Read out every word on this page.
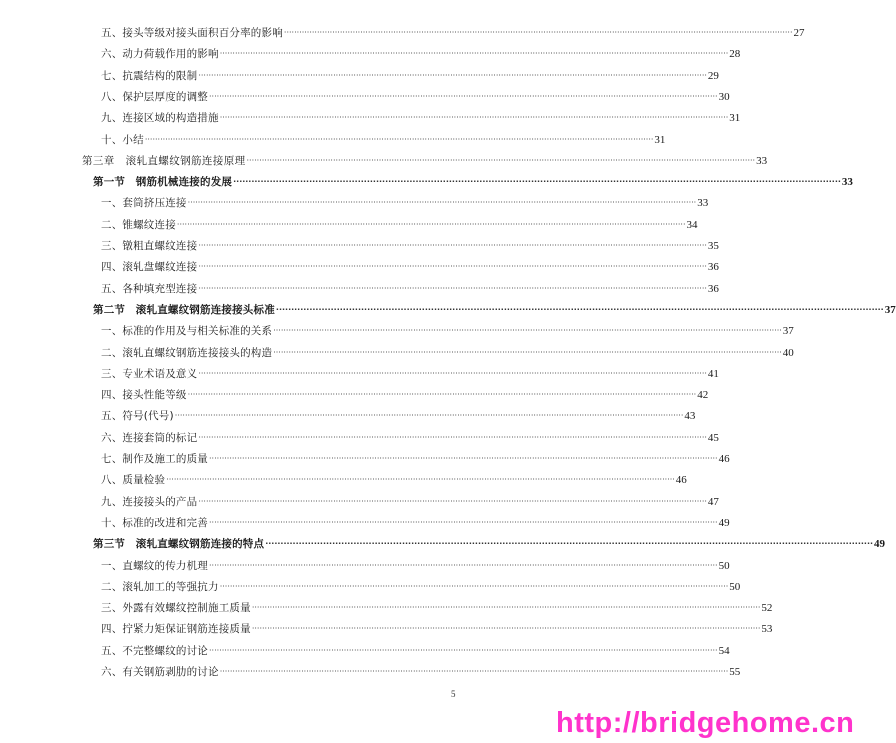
五、接头等级对接头面积百分率的影响 ········································································································································································································ 27
六、动力荷载作用的影响 ········································································································································································································ 28
七、抗震结构的限制 ········································································································································································································ 29
八、保护层厚度的调整 ········································································································································································································ 30
九、连接区域的构造措施 ········································································································································································································ 31
十、小结 ········································································································································································································ 31
第三章　滚轧直螺纹钢筋连接原理 ········································································································································································································ 33
第一节　钢筋机械连接的发展 ········································································································································································································ 33
一、套筒挤压连接 ········································································································································································································ 33
二、锥螺纹连接 ········································································································································································································ 34
三、镦粗直螺纹连接 ········································································································································································································ 35
四、滚轧盘螺纹连接 ········································································································································································································ 36
五、各种填充型连接 ········································································································································································································ 36
第二节　滚轧直螺纹钢筋连接接头标准 ········································································································································································································ 37
一、标准的作用及与相关标准的关系 ········································································································································································································ 37
二、滚轧直螺纹钢筋连接接头的构造 ········································································································································································································ 40
三、专业术语及意义 ········································································································································································································ 41
四、接头性能等级 ········································································································································································································ 42
五、符号(代号) ········································································································································································································ 43
六、连接套筒的标记 ········································································································································································································ 45
七、制作及施工的质量 ········································································································································································································ 46
八、质量检验 ········································································································································································································ 46
九、连接接头的产品 ········································································································································································································ 47
十、标准的改进和完善 ········································································································································································································ 49
第三节　滚轧直螺纹钢筋连接的特点 ········································································································································································································ 49
一、直螺纹的传力机理 ········································································································································································································ 50
二、滚轧加工的等强抗力 ········································································································································································································ 50
三、外露有效螺纹控制施工质量 ········································································································································································································ 52
四、拧紧力矩保证钢筋连接质量 ········································································································································································································ 53
五、不完整螺纹的讨论 ········································································································································································································ 54
六、有关钢筋剥肋的讨论 ········································································································································································································ 55
5
http://bridgehome.cn
